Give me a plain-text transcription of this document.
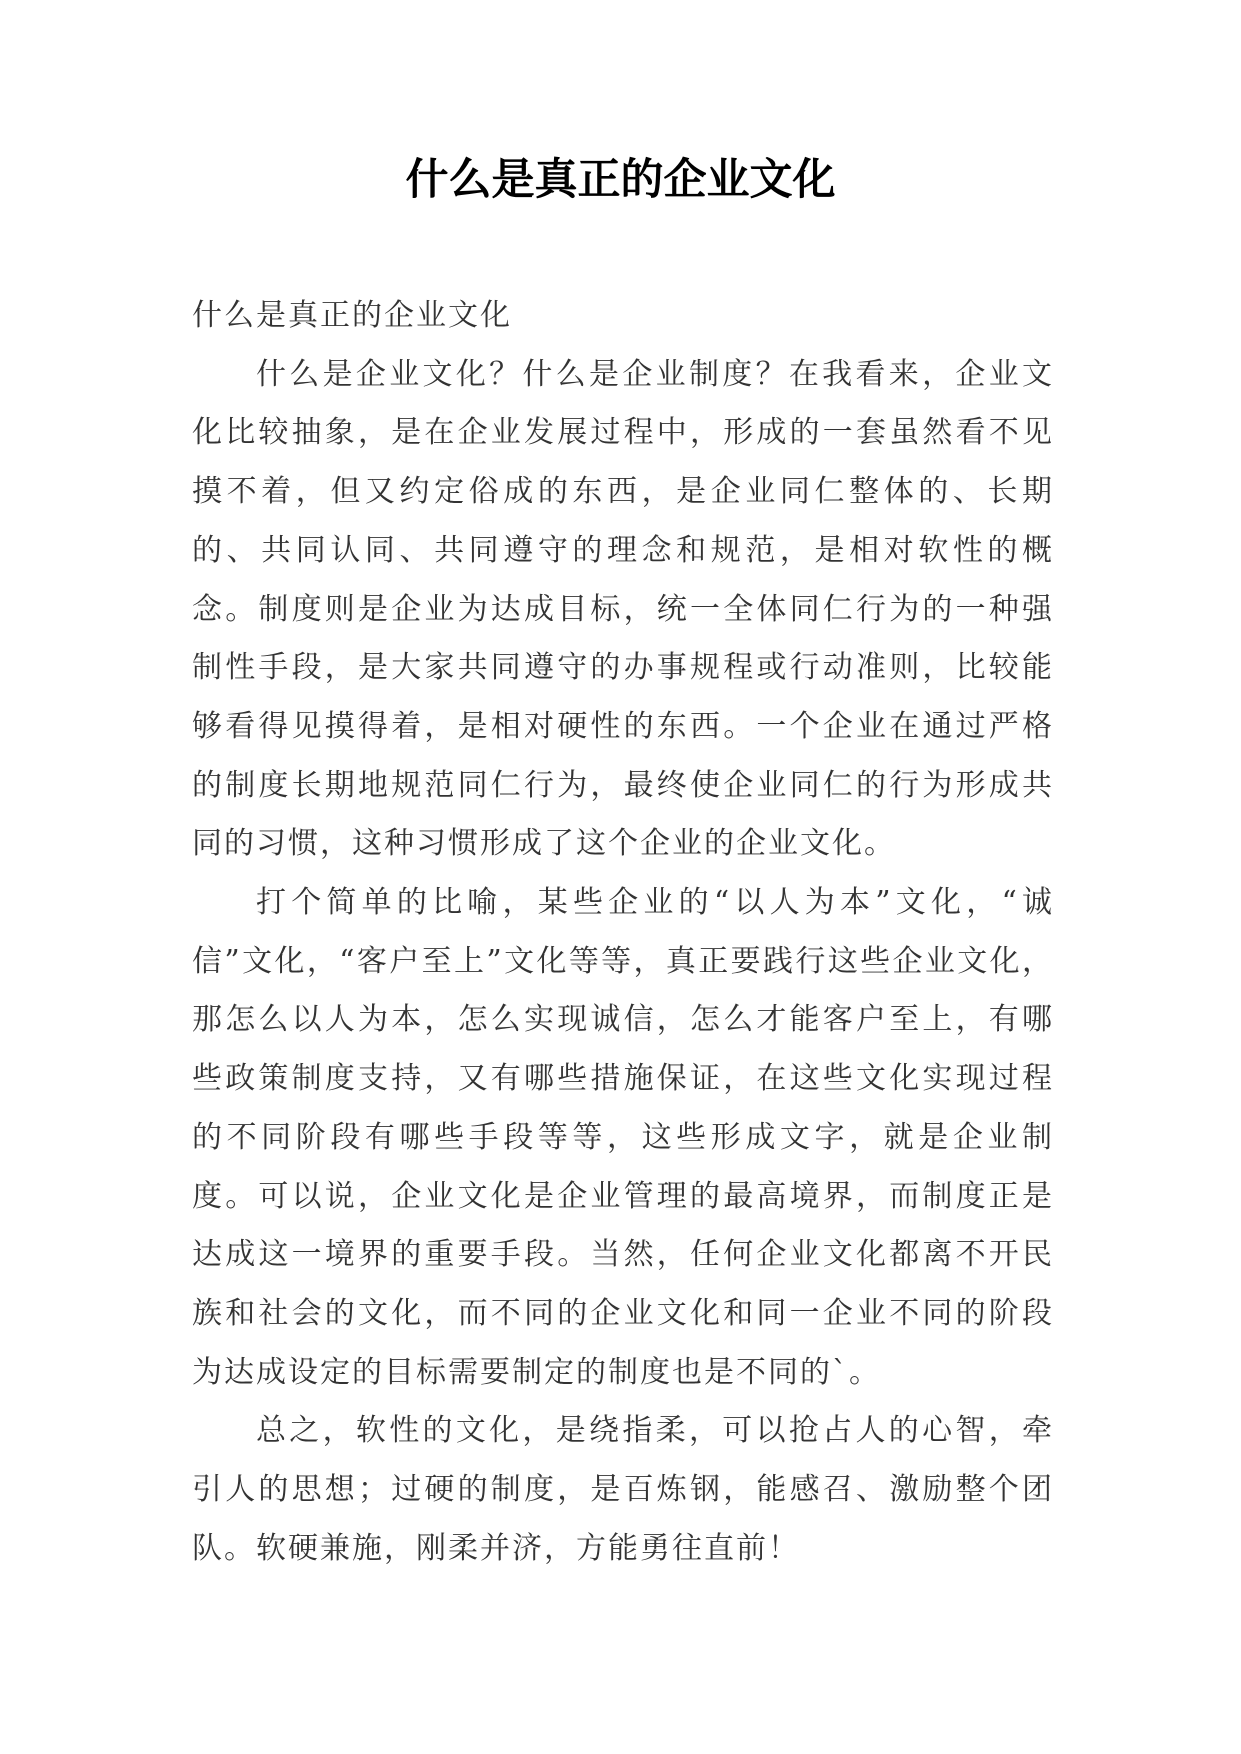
什么是真正的企业文化

什么是真正的企业文化

什么是企业文化？什么是企业制度？在我看来，企业文化比较抽象，是在企业发展过程中，形成的一套虽然看不见摸不着，但又约定俗成的东西，是企业同仁整体的、长期的、共同认同、共同遵守的理念和规范，是相对软性的概念。制度则是企业为达成目标，统一全体同仁行为的一种强制性手段，是大家共同遵守的办事规程或行动准则，比较能够看得见摸得着，是相对硬性的东西。一个企业在通过严格的制度长期地规范同仁行为，最终使企业同仁的行为形成共同的习惯，这种习惯形成了这个企业的企业文化。

打个简单的比喻，某些企业的“以人为本”文化，“诚信”文化，“客户至上”文化等等，真正要践行这些企业文化，那怎么以人为本，怎么实现诚信，怎么才能客户至上，有哪些政策制度支持，又有哪些措施保证，在这些文化实现过程的不同阶段有哪些手段等等，这些形成文字，就是企业制度。可以说，企业文化是企业管理的最高境界，而制度正是达成这一境界的重要手段。当然，任何企业文化都离不开民族和社会的文化，而不同的企业文化和同一企业不同的阶段为达成设定的目标需要制定的制度也是不同的`。

总之，软性的文化，是绕指柔，可以抢占人的心智，牵引人的思想；过硬的制度，是百炼钢，能感召、激励整个团队。软硬兼施，刚柔并济，方能勇往直前！
